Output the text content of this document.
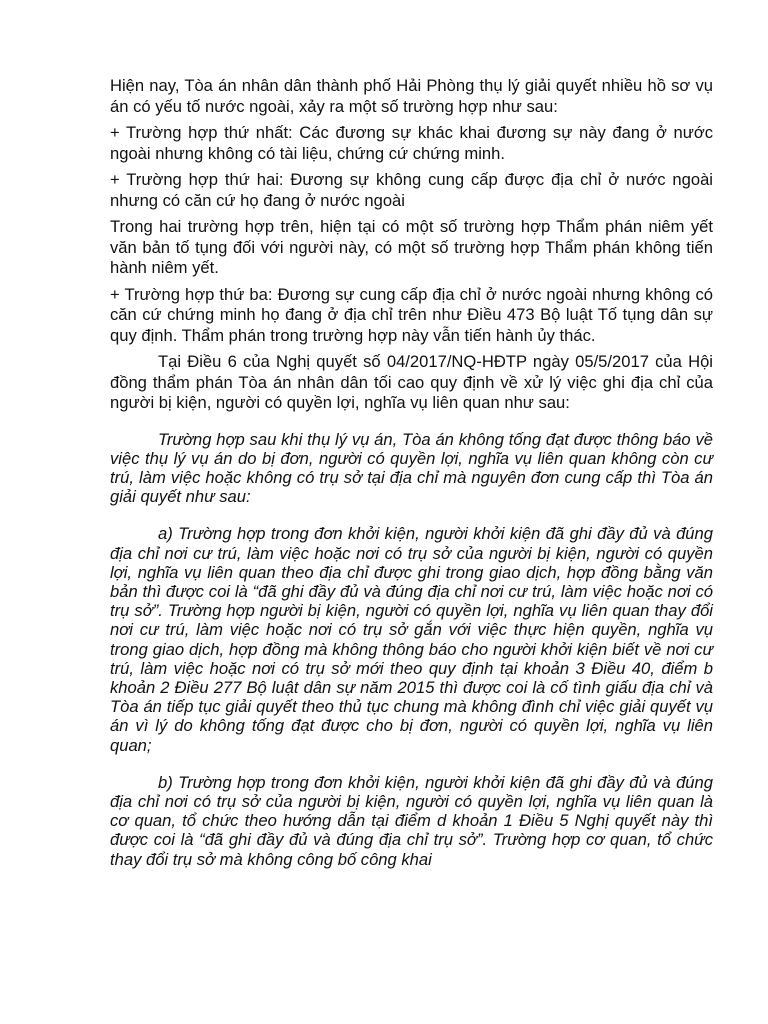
Hiện nay, Tòa án nhân dân thành phố Hải Phòng thụ lý giải quyết nhiều hồ sơ vụ án có yếu tố nước ngoài, xảy ra một số trường hợp như sau:

+ Trường hợp thứ nhất: Các đương sự khác khai đương sự này đang ở nước ngoài nhưng không có tài liệu, chứng cứ chứng minh.

+ Trường hợp thứ hai: Đương sự không cung cấp được địa chỉ ở nước ngoài nhưng có căn cứ họ đang ở nước ngoài

Trong hai trường hợp trên, hiện tại có một số trường hợp Thẩm phán niêm yết văn bản tố tụng đối với người này, có một số trường hợp Thẩm phán không tiến hành niêm yết.

+ Trường hợp thứ ba: Đương sự cung cấp địa chỉ ở nước ngoài nhưng không có căn cứ chứng minh họ đang ở địa chỉ trên như Điều 473 Bộ luật Tố tụng dân sự quy định. Thẩm phán trong trường hợp này vẫn tiến hành ủy thác.

Tại Điều 6 của Nghị quyết số 04/2017/NQ-HĐTP ngày 05/5/2017 của Hội đồng thẩm phán Tòa án nhân dân tối cao quy định về xử lý việc ghi địa chỉ của người bị kiện, người có quyền lợi, nghĩa vụ liên quan như sau:

Trường hợp sau khi thụ lý vụ án, Tòa án không tống đạt được thông báo về việc thụ lý vụ án do bị đơn, người có quyền lợi, nghĩa vụ liên quan không còn cư trú, làm việc hoặc không có trụ sở tại địa chỉ mà nguyên đơn cung cấp thì Tòa án giải quyết như sau:

a) Trường hợp trong đơn khởi kiện, người khởi kiện đã ghi đầy đủ và đúng địa chỉ nơi cư trú, làm việc hoặc nơi có trụ sở của người bị kiện, người có quyền lợi, nghĩa vụ liên quan theo địa chỉ được ghi trong giao dịch, hợp đồng bằng văn bản thì được coi là “đã ghi đầy đủ và đúng địa chỉ nơi cư trú, làm việc hoặc nơi có trụ sở”. Trường hợp người bị kiện, người có quyền lợi, nghĩa vụ liên quan thay đổi nơi cư trú, làm việc hoặc nơi có trụ sở gắn với việc thực hiện quyền, nghĩa vụ trong giao dịch, hợp đồng mà không thông báo cho người khởi kiện biết về nơi cư trú, làm việc hoặc nơi có trụ sở mới theo quy định tại khoản 3 Điều 40, điểm b khoản 2 Điều 277 Bộ luật dân sự năm 2015 thì được coi là cố tình giấu địa chỉ và Tòa án tiếp tục giải quyết theo thủ tục chung mà không đình chỉ việc giải quyết vụ án vì lý do không tống đạt được cho bị đơn, người có quyền lợi, nghĩa vụ liên quan;

b) Trường hợp trong đơn khởi kiện, người khởi kiện đã ghi đầy đủ và đúng địa chỉ nơi có trụ sở của người bị kiện, người có quyền lợi, nghĩa vụ liên quan là cơ quan, tổ chức theo hướng dẫn tại điểm d khoản 1 Điều 5 Nghị quyết này thì được coi là “đã ghi đầy đủ và đúng địa chỉ trụ sở”. Trường hợp cơ quan, tổ chức thay đổi trụ sở mà không công bố công khai
